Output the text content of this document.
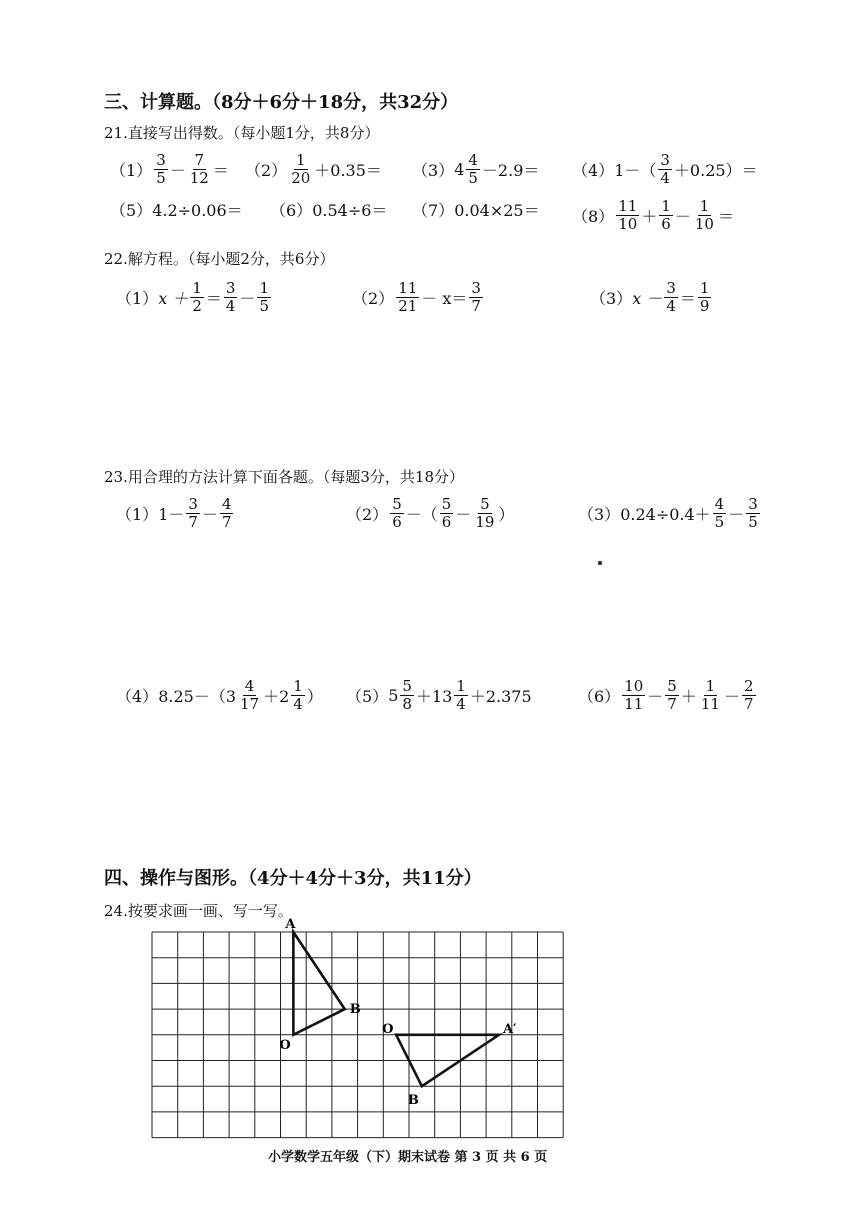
三、计算题。（8分＋6分＋18分，共32分）
21.直接写出得数。（每小题1分，共8分）
$(1) \frac{3}{5} - \frac{7}{12} = (2) \frac{1}{20} +0.35= (3)$ $4 \frac{4}{5} -2.9= (4)$ $1-( \frac{3}{4} +0.25)=$
（5） 4.2÷0.06＝ （6） 0.54÷6＝ （7） $0.04\times 25= (8) \frac{11}{10} + \frac{1}{6} - \frac{1}{10}$ ＝
22.解方程。（每小题2分，共6分）
（1） $x + \frac{1}{2} = \frac{3}{4} - \frac{1}{5}$	$(2) \frac{11}{21} - x= \frac{3}{7}$	（3） $x - \frac{3}{4} = \frac{1}{9}$
23.用合理的方法计算下面各题。（每题3分，共18分）
（1） $1- \frac{3}{7} - \frac{4}{7}$	$(2) \frac{5}{6}$ －（ $\frac{5}{6} - \frac{5}{19}$ ）	（3） $0.24\div 0.4+ \frac{4}{5} - \frac{3}{5}$
（4） $8.25-(3 \frac{4}{17} +2 \frac{1}{4}$ ） （5） $5 \frac{5}{8} +13 \frac{1}{4} +2.375$	$(6) \frac{10}{11} - \frac{5}{7} + \frac{1}{11} - \frac{2}{7}$
四、操作与图形。（4分＋4分＋3分，共11分）
24.按要求画一画、写一写。
A
B
O
O	A′
B
小学数学五年级（下）期末试卷 第 3 页 共 6 页
